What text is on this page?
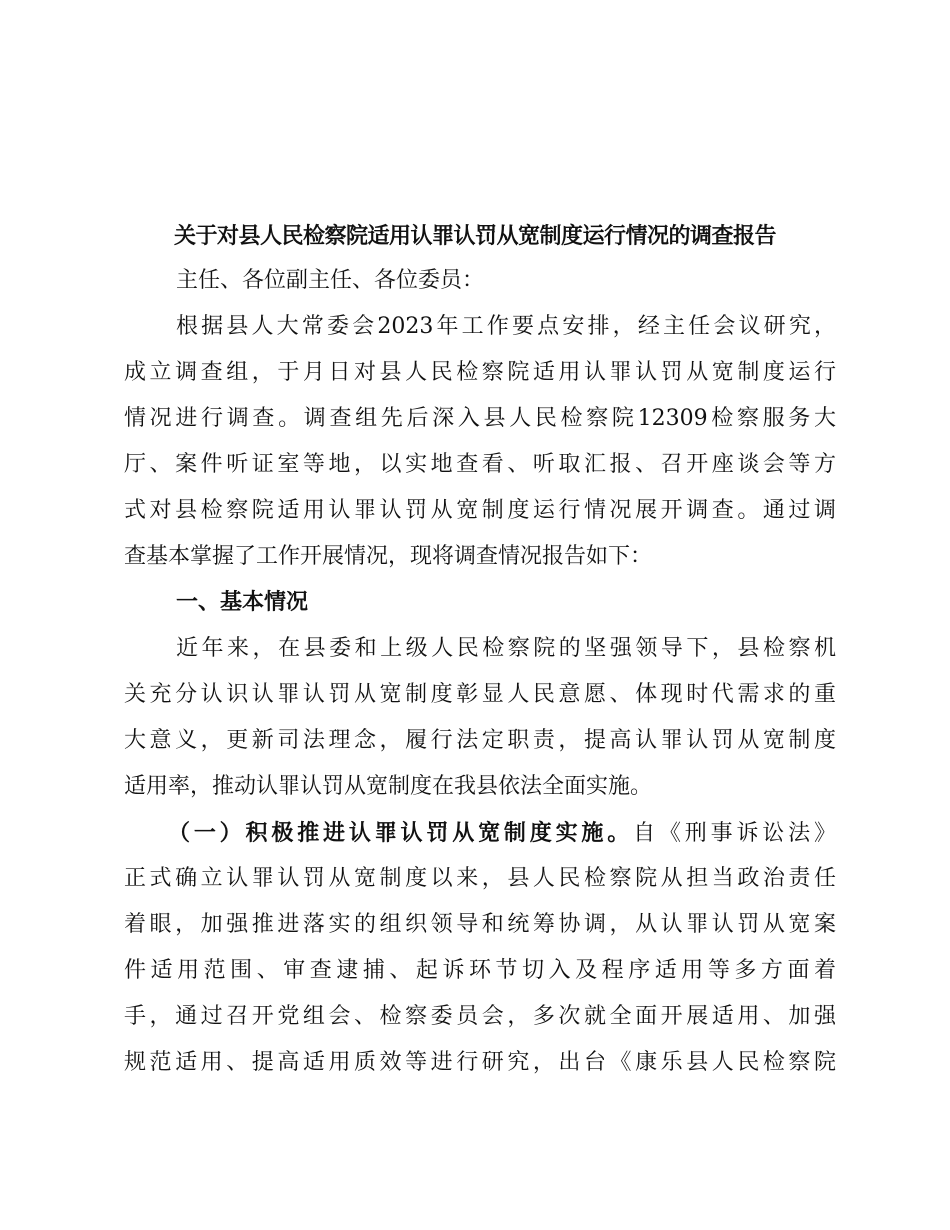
关于对县人民检察院适用认罪认罚从宽制度运行情况的调查报告
主任、各位副主任、各位委员：
根据县人大常委会2023年工作要点安排，经主任会议研究，
成立调查组，于月日对县人民检察院适用认罪认罚从宽制度运行
情况进行调查。调查组先后深入县人民检察院12309检察服务大
厅、案件听证室等地，以实地查看、听取汇报、召开座谈会等方
式对县检察院适用认罪认罚从宽制度运行情况展开调查。通过调
查基本掌握了工作开展情况，现将调查情况报告如下：
一、基本情况
近年来，在县委和上级人民检察院的坚强领导下，县检察机
关充分认识认罪认罚从宽制度彰显人民意愿、体现时代需求的重
大意义，更新司法理念，履行法定职责，提高认罪认罚从宽制度
适用率，推动认罪认罚从宽制度在我县依法全面实施。
（一）积极推进认罪认罚从宽制度实施。自《刑事诉讼法》
正式确立认罪认罚从宽制度以来，县人民检察院从担当政治责任
着眼，加强推进落实的组织领导和统筹协调，从认罪认罚从宽案
件适用范围、审查逮捕、起诉环节切入及程序适用等多方面着
手，通过召开党组会、检察委员会，多次就全面开展适用、加强
规范适用、提高适用质效等进行研究，出台《康乐县人民检察院
